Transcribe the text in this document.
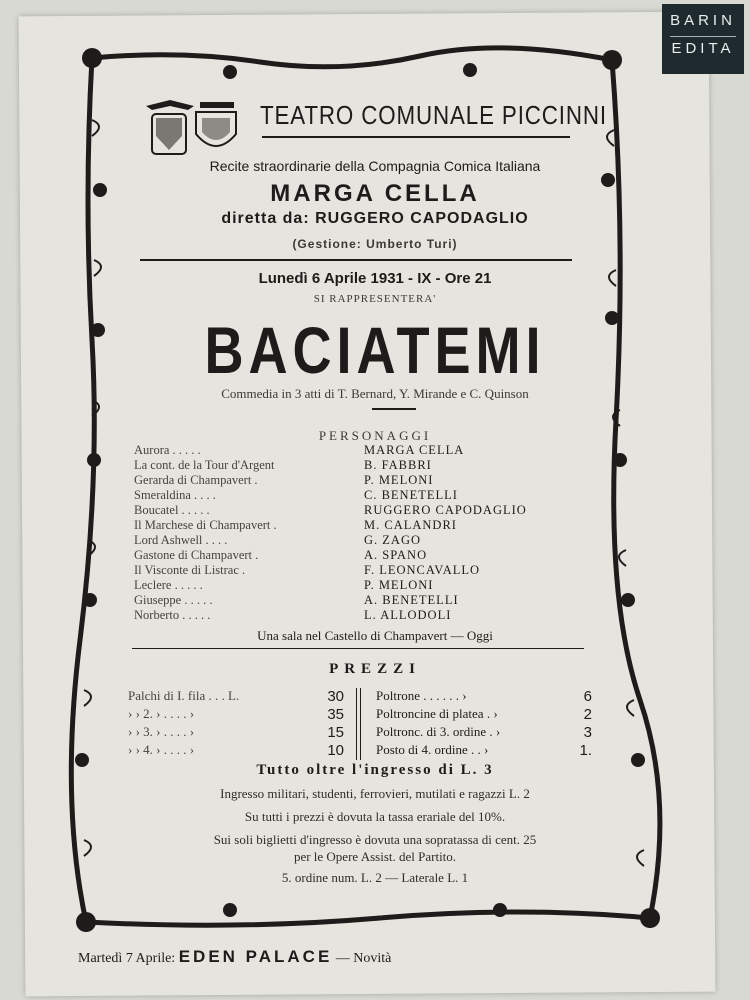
BARIN
EDITA
TEATRO COMUNALE PICCINNI
Recite straordinarie della Compagnia Comica Italiana
MARGA CELLA
diretta da: RUGGERO CAPODAGLIO
(Gestione: Umberto Turi)
Lunedì 6 Aprile 1931 - IX - Ore 21
SI RAPPRESENTERA'
BACIATEMI
Commedia in 3 atti di T. Bernard, Y. Mirande e C. Quinson
PERSONAGGI
Aurora . . . . .	MARGA CELLA
La cont. de la Tour d'Argent	B. FABBRI
Gerarda di Champavert .	P. MELONI
Smeraldina . . . .	C. BENETELLI
Boucatel . . . . .	RUGGERO CAPODAGLIO
Il Marchese di Champavert .	M. CALANDRI
Lord Ashwell . . . .	G. ZAGO
Gastone di Champavert .	A. SPANO
Il Visconte di Listrac .	F. LEONCAVALLO
Leclere . . . . .	P. MELONI
Giuseppe . . . . .	A. BENETELLI
Norberto . . . . .	L. ALLODOLI
Una sala nel Castello di Champavert — Oggi
PREZZI
Palchi di I. fila . . . L.	30 Poltrone . . . . . . ›	6
› › 2. › . . . . ›	35 Poltroncine di platea . ›	2
› › 3. › . . . . ›	15 Poltronc. di 3. ordine . ›	3
› › 4. › . . . . ›	10 Posto di 4. ordine . . ›	1.
Tutto oltre l'ingresso di L. 3
Ingresso militari, studenti, ferrovieri, mutilati e ragazzi L. 2
Su tutti i prezzi è dovuta la tassa erariale del 10%.
Sui soli biglietti d'ingresso è dovuta una sopratassa di cent. 25
per le Opere Assist. del Partito.
5. ordine num. L. 2 — Laterale L. 1
Martedì 7 Aprile: EDEN PALACE — Novità
